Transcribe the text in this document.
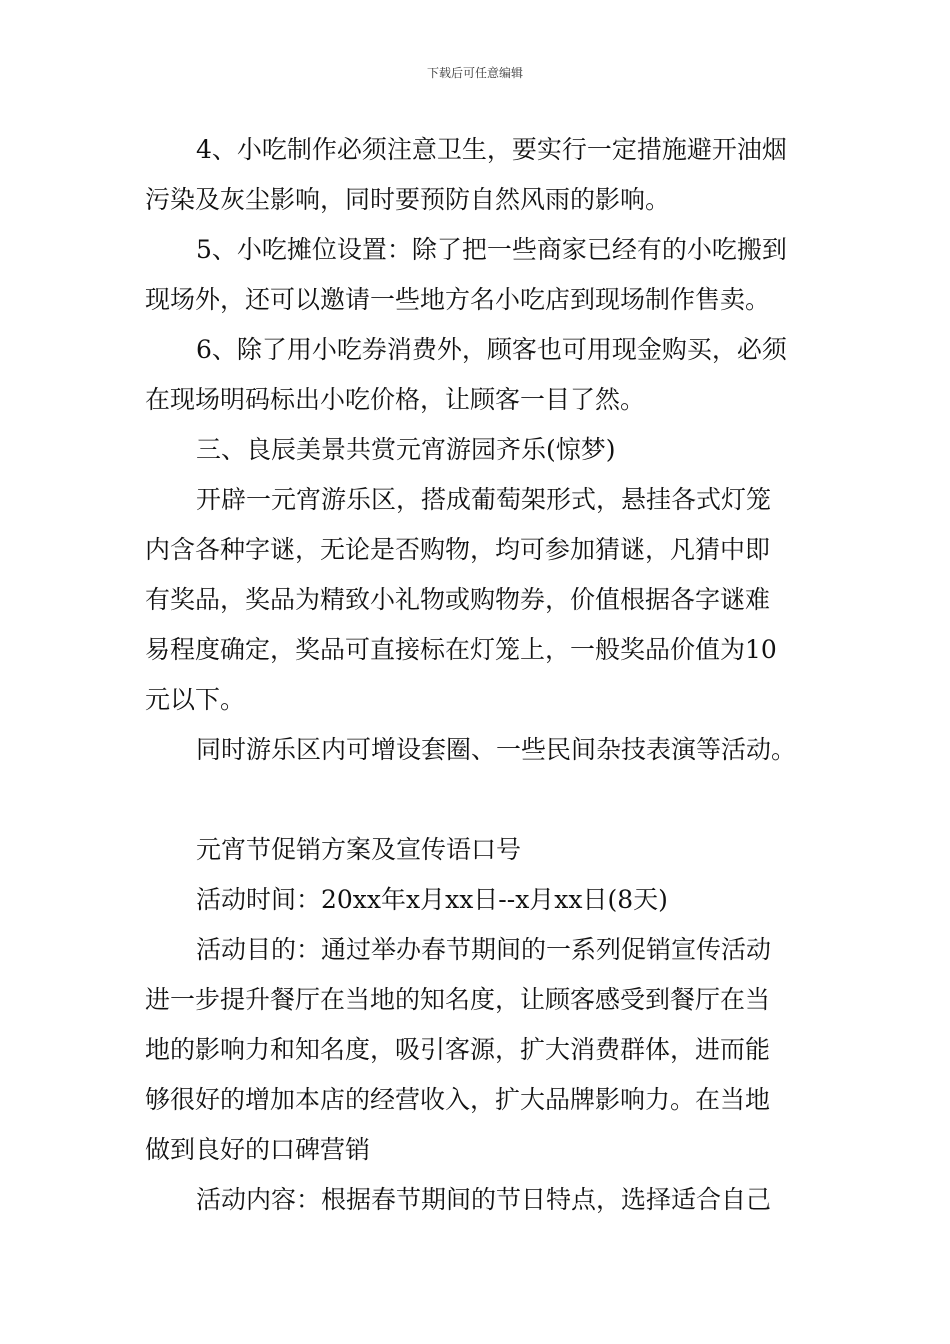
下载后可任意编辑
4、小吃制作必须注意卫生，要实行一定措施避开油烟
污染及灰尘影响，同时要预防自然风雨的影响。
5、小吃摊位设置：除了把一些商家已经有的小吃搬到
现场外，还可以邀请一些地方名小吃店到现场制作售卖。
6、除了用小吃券消费外，顾客也可用现金购买，必须
在现场明码标出小吃价格，让顾客一目了然。
三、良辰美景共赏元宵游园齐乐(惊梦)
开辟一元宵游乐区，搭成葡萄架形式，悬挂各式灯笼
内含各种字谜，无论是否购物，均可参加猜谜，凡猜中即
有奖品，奖品为精致小礼物或购物券，价值根据各字谜难
易程度确定，奖品可直接标在灯笼上，一般奖品价值为10
元以下。
同时游乐区内可增设套圈、一些民间杂技表演等活动。
元宵节促销方案及宣传语口号
活动时间：20xx年x月xx日--x月xx日(8天)
活动目的：通过举办春节期间的一系列促销宣传活动
进一步提升餐厅在当地的知名度，让顾客感受到餐厅在当
地的影响力和知名度，吸引客源，扩大消费群体，进而能
够很好的增加本店的经营收入，扩大品牌影响力。在当地
做到良好的口碑营销
活动内容：根据春节期间的节日特点，选择适合自己
